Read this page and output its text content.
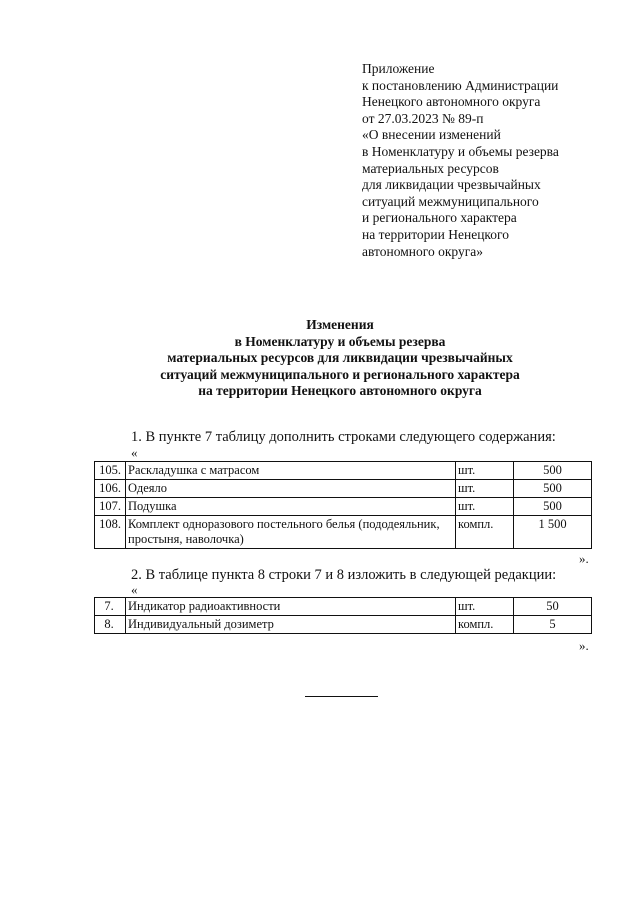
Приложение
к постановлению Администрации
Ненецкого автономного округа
от 27.03.2023 № 89-п
«О внесении изменений
в Номенклатуру и объемы резерва
материальных ресурсов
для ликвидации чрезвычайных
ситуаций межмуниципального
и регионального характера
на территории Ненецкого
автономного округа»
Изменения
в Номенклатуру и объемы резерва
материальных ресурсов для ликвидации чрезвычайных
ситуаций межмуниципального и регионального характера
на территории Ненецкого автономного округа
1. В пункте 7 таблицу дополнить строками следующего содержания:
«
105.	Раскладушка с матрасом	шт.	500
106.	Одеяло	шт.	500
107.	Подушка	шт.	500
108.	Комплект одноразового постельного белья (пододеяльник, простыня, наволочка)	компл.	1 500
».
2. В таблице пункта 8 строки 7 и 8 изложить в следующей редакции:
«
7.	Индикатор радиоактивности	шт.	50
8.	Индивидуальный дозиметр	компл.	5
».
